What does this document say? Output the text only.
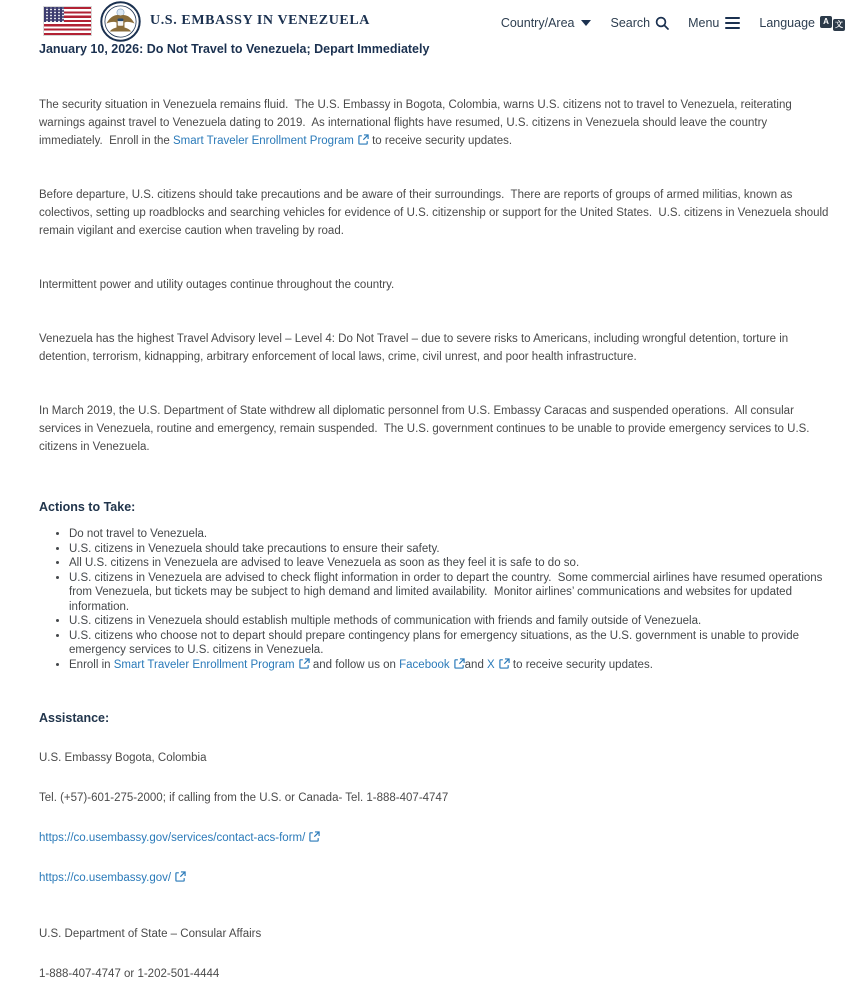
U.S. EMBASSY IN VENEZUELA	Country/Area	Search	Menu	Language	A 文
January 10, 2026: Do Not Travel to Venezuela; Depart Immediately

The security situation in Venezuela remains fluid.  The U.S. Embassy in Bogota, Colombia, warns U.S. citizens not to travel to Venezuela, reiterating warnings against travel to Venezuela dating to 2019.  As international flights have resumed, U.S. citizens in Venezuela should leave the country immediately.  Enroll in the Smart Traveler Enrollment Program to receive security updates.

Before departure, U.S. citizens should take precautions and be aware of their surroundings.  There are reports of groups of armed militias, known as colectivos, setting up roadblocks and searching vehicles for evidence of U.S. citizenship or support for the United States.  U.S. citizens in Venezuela should remain vigilant and exercise caution when traveling by road.

Intermittent power and utility outages continue throughout the country.

Venezuela has the highest Travel Advisory level – Level 4: Do Not Travel – due to severe risks to Americans, including wrongful detention, torture in detention, terrorism, kidnapping, arbitrary enforcement of local laws, crime, civil unrest, and poor health infrastructure.

In March 2019, the U.S. Department of State withdrew all diplomatic personnel from U.S. Embassy Caracas and suspended operations.  All consular services in Venezuela, routine and emergency, remain suspended.  The U.S. government continues to be unable to provide emergency services to U.S. citizens in Venezuela.

Actions to Take:
• Do not travel to Venezuela.
• U.S. citizens in Venezuela should take precautions to ensure their safety.
• All U.S. citizens in Venezuela are advised to leave Venezuela as soon as they feel it is safe to do so.
• U.S. citizens in Venezuela are advised to check flight information in order to depart the country.  Some commercial airlines have resumed operations from Venezuela, but tickets may be subject to high demand and limited availability.  Monitor airlines’ communications and websites for updated information.
• U.S. citizens in Venezuela should establish multiple methods of communication with friends and family outside of Venezuela.
• U.S. citizens who choose not to depart should prepare contingency plans for emergency situations, as the U.S. government is unable to provide emergency services to U.S. citizens in Venezuela.
• Enroll in Smart Traveler Enrollment Program and follow us on Facebook and X to receive security updates.
Assistance:

U.S. Embassy Bogota, Colombia

Tel. (+57)-601-275-2000; if calling from the U.S. or Canada- Tel. 1-888-407-4747

https://co.usembassy.gov/services/contact-acs-form/

https://co.usembassy.gov/

U.S. Department of State – Consular Affairs

1-888-407-4747 or 1-202-501-4444
